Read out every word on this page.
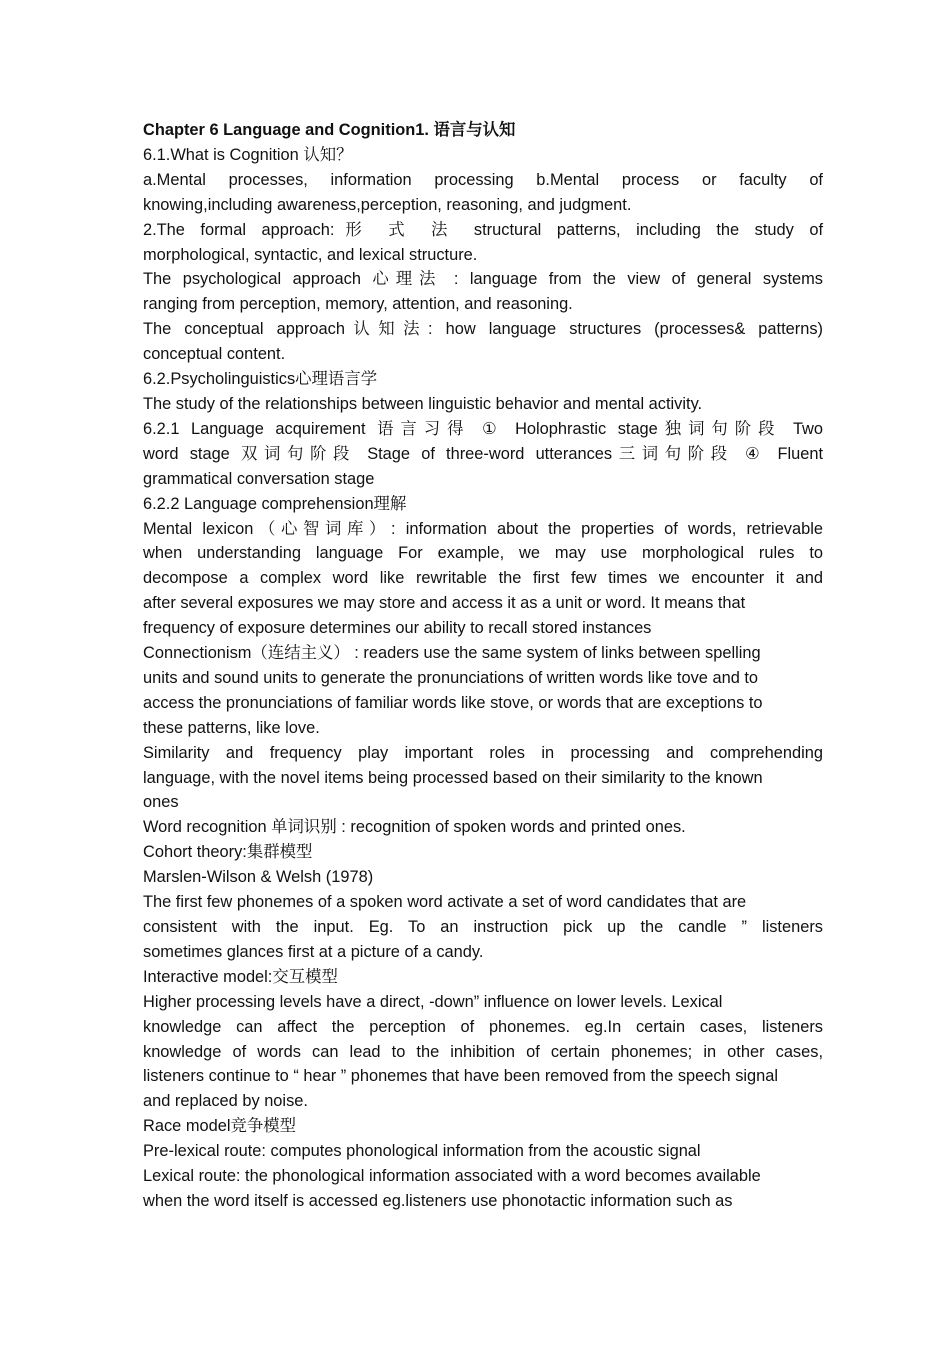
Chapter 6 Language and Cognition1. 语言与认知
6.1.What is Cognition 认知？
a.Mental processes, information processing b.Mental process or faculty of
knowing,including awareness,perception, reasoning, and judgment.
2.The formal approach:形 式 法 structural patterns, including the study of
morphological, syntactic, and lexical structure.
The psychological approach 心理法 : language from the view of general systems
ranging from perception, memory, attention, and reasoning.
The conceptual approach认知法: how language structures (processes& patterns)
conceptual content.
6.2.Psycholinguistics心理语言学
The study of the relationships between linguistic behavior and mental activity.
6.2.1 Language acquirement 语言习得 ① Holophrastic stage独词句阶段 Two
word stage 双词句阶段 Stage of three-word utterances三词句阶段 ④ Fluent
grammatical conversation stage
6.2.2 Language comprehension理解
Mental lexicon（心智词库）: information about the properties of words, retrievable
when understanding language For example, we may use morphological rules to
decompose a complex word like rewritable the first few times we encounter it and
after several exposures we may store and access it as a unit or word. It means that
frequency of exposure determines our ability to recall stored instances
Connectionism（连结主义） : readers use the same system of links between spelling
units and sound units to generate the pronunciations of written words like tove and to
access the pronunciations of familiar words like stove, or words that are exceptions to
these patterns, like love.
Similarity and frequency play important roles in processing and comprehending
language, with the novel items being processed based on their similarity to the known
ones
Word recognition 单词识别 : recognition of spoken words and printed ones.
Cohort theory:集群模型
Marslen-Wilson & Welsh (1978)
The first few phonemes of a spoken word activate a set of word candidates that are
consistent with the input. Eg. To an instruction pick up the candle ” listeners
sometimes glances first at a picture of a candy.
Interactive model:交互模型
Higher processing levels have a direct, -down” influence on lower levels. Lexical
knowledge can affect the perception of phonemes. eg.In certain cases, listeners
knowledge of words can lead to the inhibition of certain phonemes; in other cases,
listeners continue to “ hear ” phonemes that have been removed from the speech signal
and replaced by noise.
Race model竞争模型
Pre-lexical route: computes phonological information from the acoustic signal
Lexical route: the phonological information associated with a word becomes available
when the word itself is accessed eg.listeners use phonotactic information such as
